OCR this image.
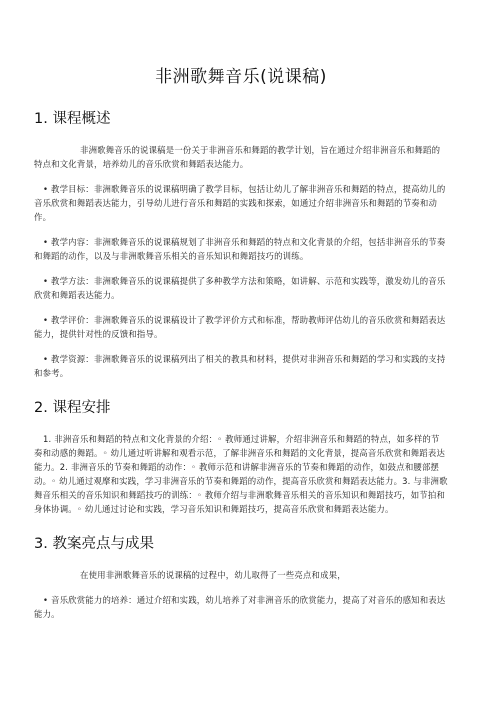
非洲歌舞音乐(说课稿)
1. 课程概述

非洲歌舞音乐的说课稿是一份关于非洲音乐和舞蹈的教学计划，旨在通过介绍非洲音乐和舞蹈的特点和文化背景，培养幼儿的音乐欣赏和舞蹈表达能力。

• 教学目标：非洲歌舞音乐的说课稿明确了教学目标，包括让幼儿了解非洲音乐和舞蹈的特点，提高幼儿的音乐欣赏和舞蹈表达能力，引导幼儿进行音乐和舞蹈的实践和探索，如通过介绍非洲音乐和舞蹈的节奏和动作。

• 教学内容：非洲歌舞音乐的说课稿规划了非洲音乐和舞蹈的特点和文化背景的介绍，包括非洲音乐的节奏和舞蹈的动作，以及与非洲歌舞音乐相关的音乐知识和舞蹈技巧的训练。

• 教学方法：非洲歌舞音乐的说课稿提供了多种教学方法和策略，如讲解、示范和实践等，激发幼儿的音乐欣赏和舞蹈表达能力。

• 教学评价：非洲歌舞音乐的说课稿设计了教学评价方式和标准，帮助教师评估幼儿的音乐欣赏和舞蹈表达能力，提供针对性的反馈和指导。

• 教学资源：非洲歌舞音乐的说课稿列出了相关的教具和材料，提供对非洲音乐和舞蹈的学习和实践的支持和参考。

2. 课程安排

1. 非洲音乐和舞蹈的特点和文化背景的介绍：◦ 教师通过讲解，介绍非洲音乐和舞蹈的特点，如多样的节奏和动感的舞蹈。◦ 幼儿通过听讲解和观看示范，了解非洲音乐和舞蹈的文化背景，提高音乐欣赏和舞蹈表达能力。2. 非洲音乐的节奏和舞蹈的动作：◦ 教师示范和讲解非洲音乐的节奏和舞蹈的动作，如鼓点和腰部摆动。◦ 幼儿通过观摩和实践，学习非洲音乐的节奏和舞蹈的动作，提高音乐欣赏和舞蹈表达能力。3. 与非洲歌舞音乐相关的音乐知识和舞蹈技巧的训练：◦ 教师介绍与非洲歌舞音乐相关的音乐知识和舞蹈技巧，如节拍和身体协调。◦ 幼儿通过讨论和实践，学习音乐知识和舞蹈技巧，提高音乐欣赏和舞蹈表达能力。

3. 教案亮点与成果

在使用非洲歌舞音乐的说课稿的过程中，幼儿取得了一些亮点和成果，

• 音乐欣赏能力的培养：通过介绍和实践，幼儿培养了对非洲音乐的欣赏能力，提高了对音乐的感知和表达能力。
